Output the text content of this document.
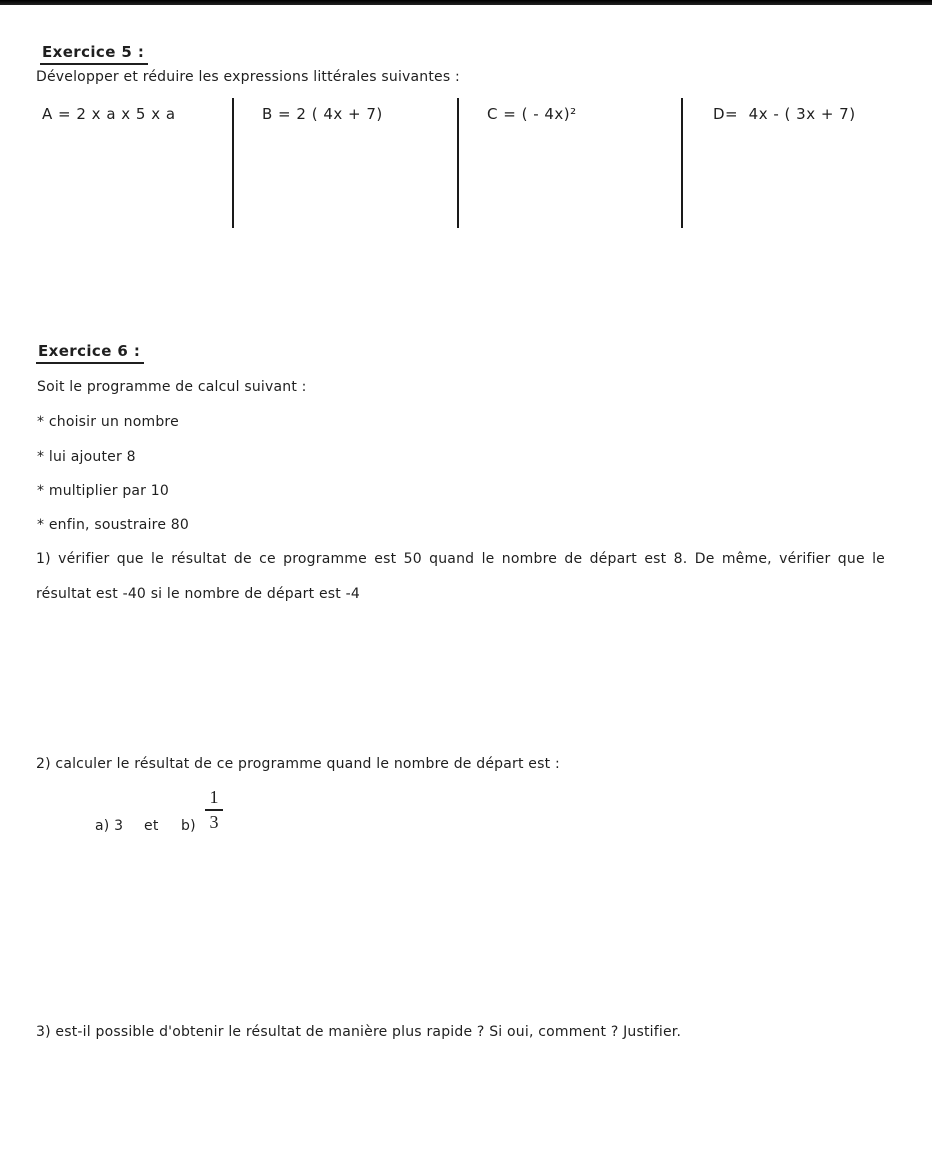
Exercice 5 :
Développer et réduire les expressions littérales suivantes :
A = 2 x a x 5 x a	B = 2 ( 4x + 7)	C = ( - 4x)²	D=  4x - ( 3x + 7)
Exercice 6 :
Soit le programme de calcul suivant :
* choisir un nombre
* lui ajouter 8
* multiplier par 10
* enfin, soustraire 80
1) vérifier que le résultat de ce programme est 50 quand le nombre de départ est 8. De même, vérifier que le
résultat est -40 si le nombre de départ est -4
2) calculer le résultat de ce programme quand le nombre de départ est :
a) 3 et b)
1
3
3) est-il possible d'obtenir le résultat de manière plus rapide ? Si oui, comment ? Justifier.
